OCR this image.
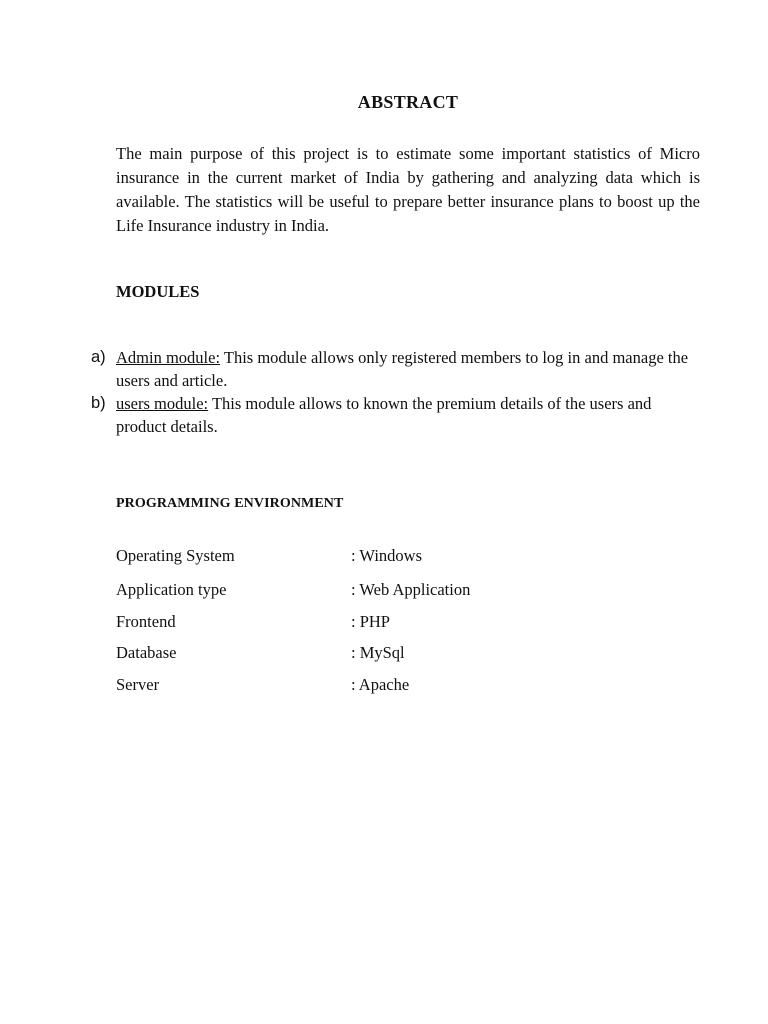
ABSTRACT

The main purpose of this project is to estimate some important statistics of Micro insurance in the current market of India by gathering and analyzing data which is available. The statistics will be useful to prepare better insurance plans to boost up the Life Insurance industry in India.

MODULES
a) Admin module: This module allows only registered members to log in and manage the users and article.
b) users module: This module allows to known the premium details of the users and product details.
PROGRAMMING ENVIRONMENT
Operating System	: Windows
Application type	: Web Application
Frontend	: PHP
Database	: MySql
Server	: Apache
